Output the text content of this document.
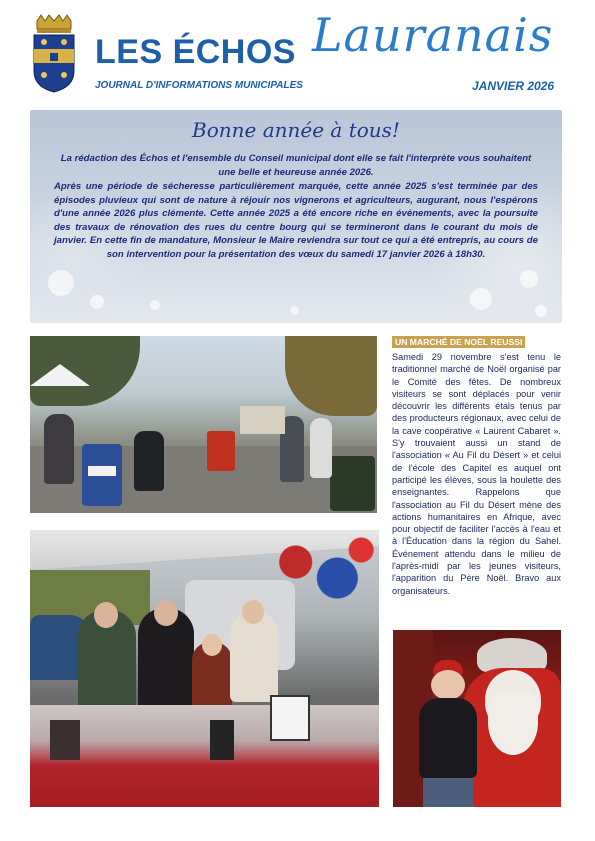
LES ÉCHOS Lauranais
JOURNAL D'INFORMATIONS MUNICIPALES	JANVIER 2026
Bonne année à tous!

La rédaction des Échos et l'ensemble du Conseil municipal dont elle se fait l'interprète vous souhaitent une belle et heureuse année 2026.

Après une période de sécheresse particulièrement marquée, cette année 2025 s'est terminée par des épisodes pluvieux qui sont de nature à réjouir nos vignerons et agriculteurs, augurant, nous l'espérons d'une année 2026 plus clémente. Cette année 2025 a été encore riche en événements, avec la poursuite des travaux de rénovation des rues du centre bourg qui se termineront dans le courant du mois de janvier. En cette fin de mandature, Monsieur le Maire reviendra sur tout ce qui a été entrepris, au cours de son intervention pour la présentation des vœux du samedi 17 janvier 2026 à 18h30.

UN MARCHÉ DE NOËL REUSSI

Samedi 29 novembre s'est tenu le traditionnel marché de Noël organisé par le Comité des fêtes. De nombreux visiteurs se sont déplacés pour venir découvrir les différents étals tenus par des producteurs régionaux, avec celui de la cave coopérative « Laurent Cabaret ». S'y trouvaient aussi un stand de l'association « Au Fil du Désert » et celui de l'école des Capitel es auquel ont participé les élèves, sous la houlette des enseignantes. Rappelons que l'association au Fil du Désert mène des actions humanitaires en Afrique, avec pour objectif de faciliter l'accès à l'eau et à l'Éducation dans la région du Sahel. Événement attendu dans le milieu de l'après-midi par les jeunes visiteurs, l'apparition du Père Noël. Bravo aux organisateurs.
